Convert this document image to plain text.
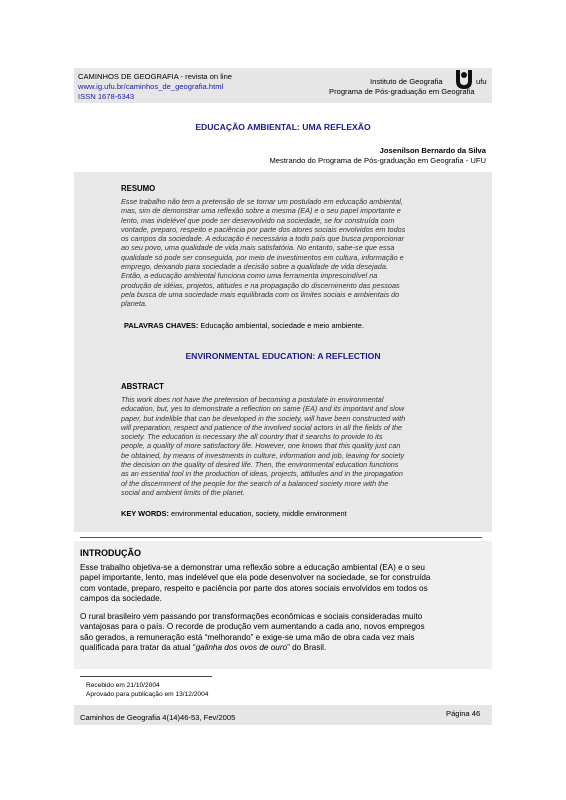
CAMINHOS DE GEOGRAFIA - revista on line
www.ig.ufu.br/caminhos_de_geografia.html
ISSN 1678-6343
Instituto de Geografia	ufu
Programa de Pós-graduação em Geografia
EDUCAÇÃO AMBIENTAL: UMA REFLEXÃO
Josenilson Bernardo da Silva
Mestrando do Programa de Pós-graduação em Geografia - UFU
RESUMO
Esse trabalho não tem a pretensão de se tornar um postulado em educação ambiental,
mas, sim de demonstrar uma reflexão sobre a mesma (EA) e o seu papel importante e
lento, mas indelével que pode ser desenvolvido na sociedade, se for construída com
vontade, preparo, respeito e paciência por parte dos atores sociais envolvidos em todos
os campos da sociedade. A educação é necessária a todo país que busca proporcionar
ao seu povo, uma qualidade de vida mais satisfatória. No entanto, sabe-se que essa
qualidade só pode ser conseguida, por meio de investimentos em cultura, informação e
emprego, deixando para sociedade a decisão sobre a qualidade de vida desejada.
Então, a educação ambiental funciona como uma ferramenta imprescindível na
produção de idéias, projetos, atitudes e na propagação do discernimento das pessoas
pela busca de uma sociedade mais equilibrada com os limites sociais e ambientais do
planeta.
PALAVRAS CHAVES: Educação ambiental, sociedade e meio ambiente.
ENVIRONMENTAL EDUCATION: A REFLECTION
ABSTRACT
This work does not have the pretension of becoming a postulate in environmental
education, but, yes to demonstrate a reflection on same (EA) and its important and slow
paper, but indelible that can be developed in the society, will have been constructed with
will preparation, respect and patience of the involved social actors in all the fields of the
society. The education is necessary the all country that it searchs to provide to its
people, a quality of more satisfactory life. However, one knows that this quality just can
be obtained, by means of investments in culture, information and job, leaving for society
the decision on the quality of desired life. Then, the environmental education functions
as an essential tool in the production of ideas, projects, attitudes and in the propagation
of the discernment of the people for the search of a balanced society more with the
social and ambient limits of the planet.
KEY WORDS: environmental education, society, middle environment
INTRODUÇÃO
Esse trabalho objetiva-se a demonstrar uma reflexão sobre a educação ambiental (EA) e o seu
papel importante, lento, mas indelével que ela pode desenvolver na sociedade, se for construída
com vontade, preparo, respeito e paciência por parte dos atores sociais envolvidos em todos os
campos da sociedade.
O rural brasileiro vem passando por transformações econômicas e sociais consideradas muito
vantajosas para o país. O recorde de produção vem aumentando a cada ano, novos empregos
são gerados, a remuneração está “melhorando” e exige-se uma mão de obra cada vez mais
qualificada para tratar da atual “galinha dos ovos de ouro” do Brasil.
Recebido em 21/10/2004
Aprovado para publicação em 13/12/2004
Caminhos de Geografia 4(14)46-53, Fev/2005	Página 46
